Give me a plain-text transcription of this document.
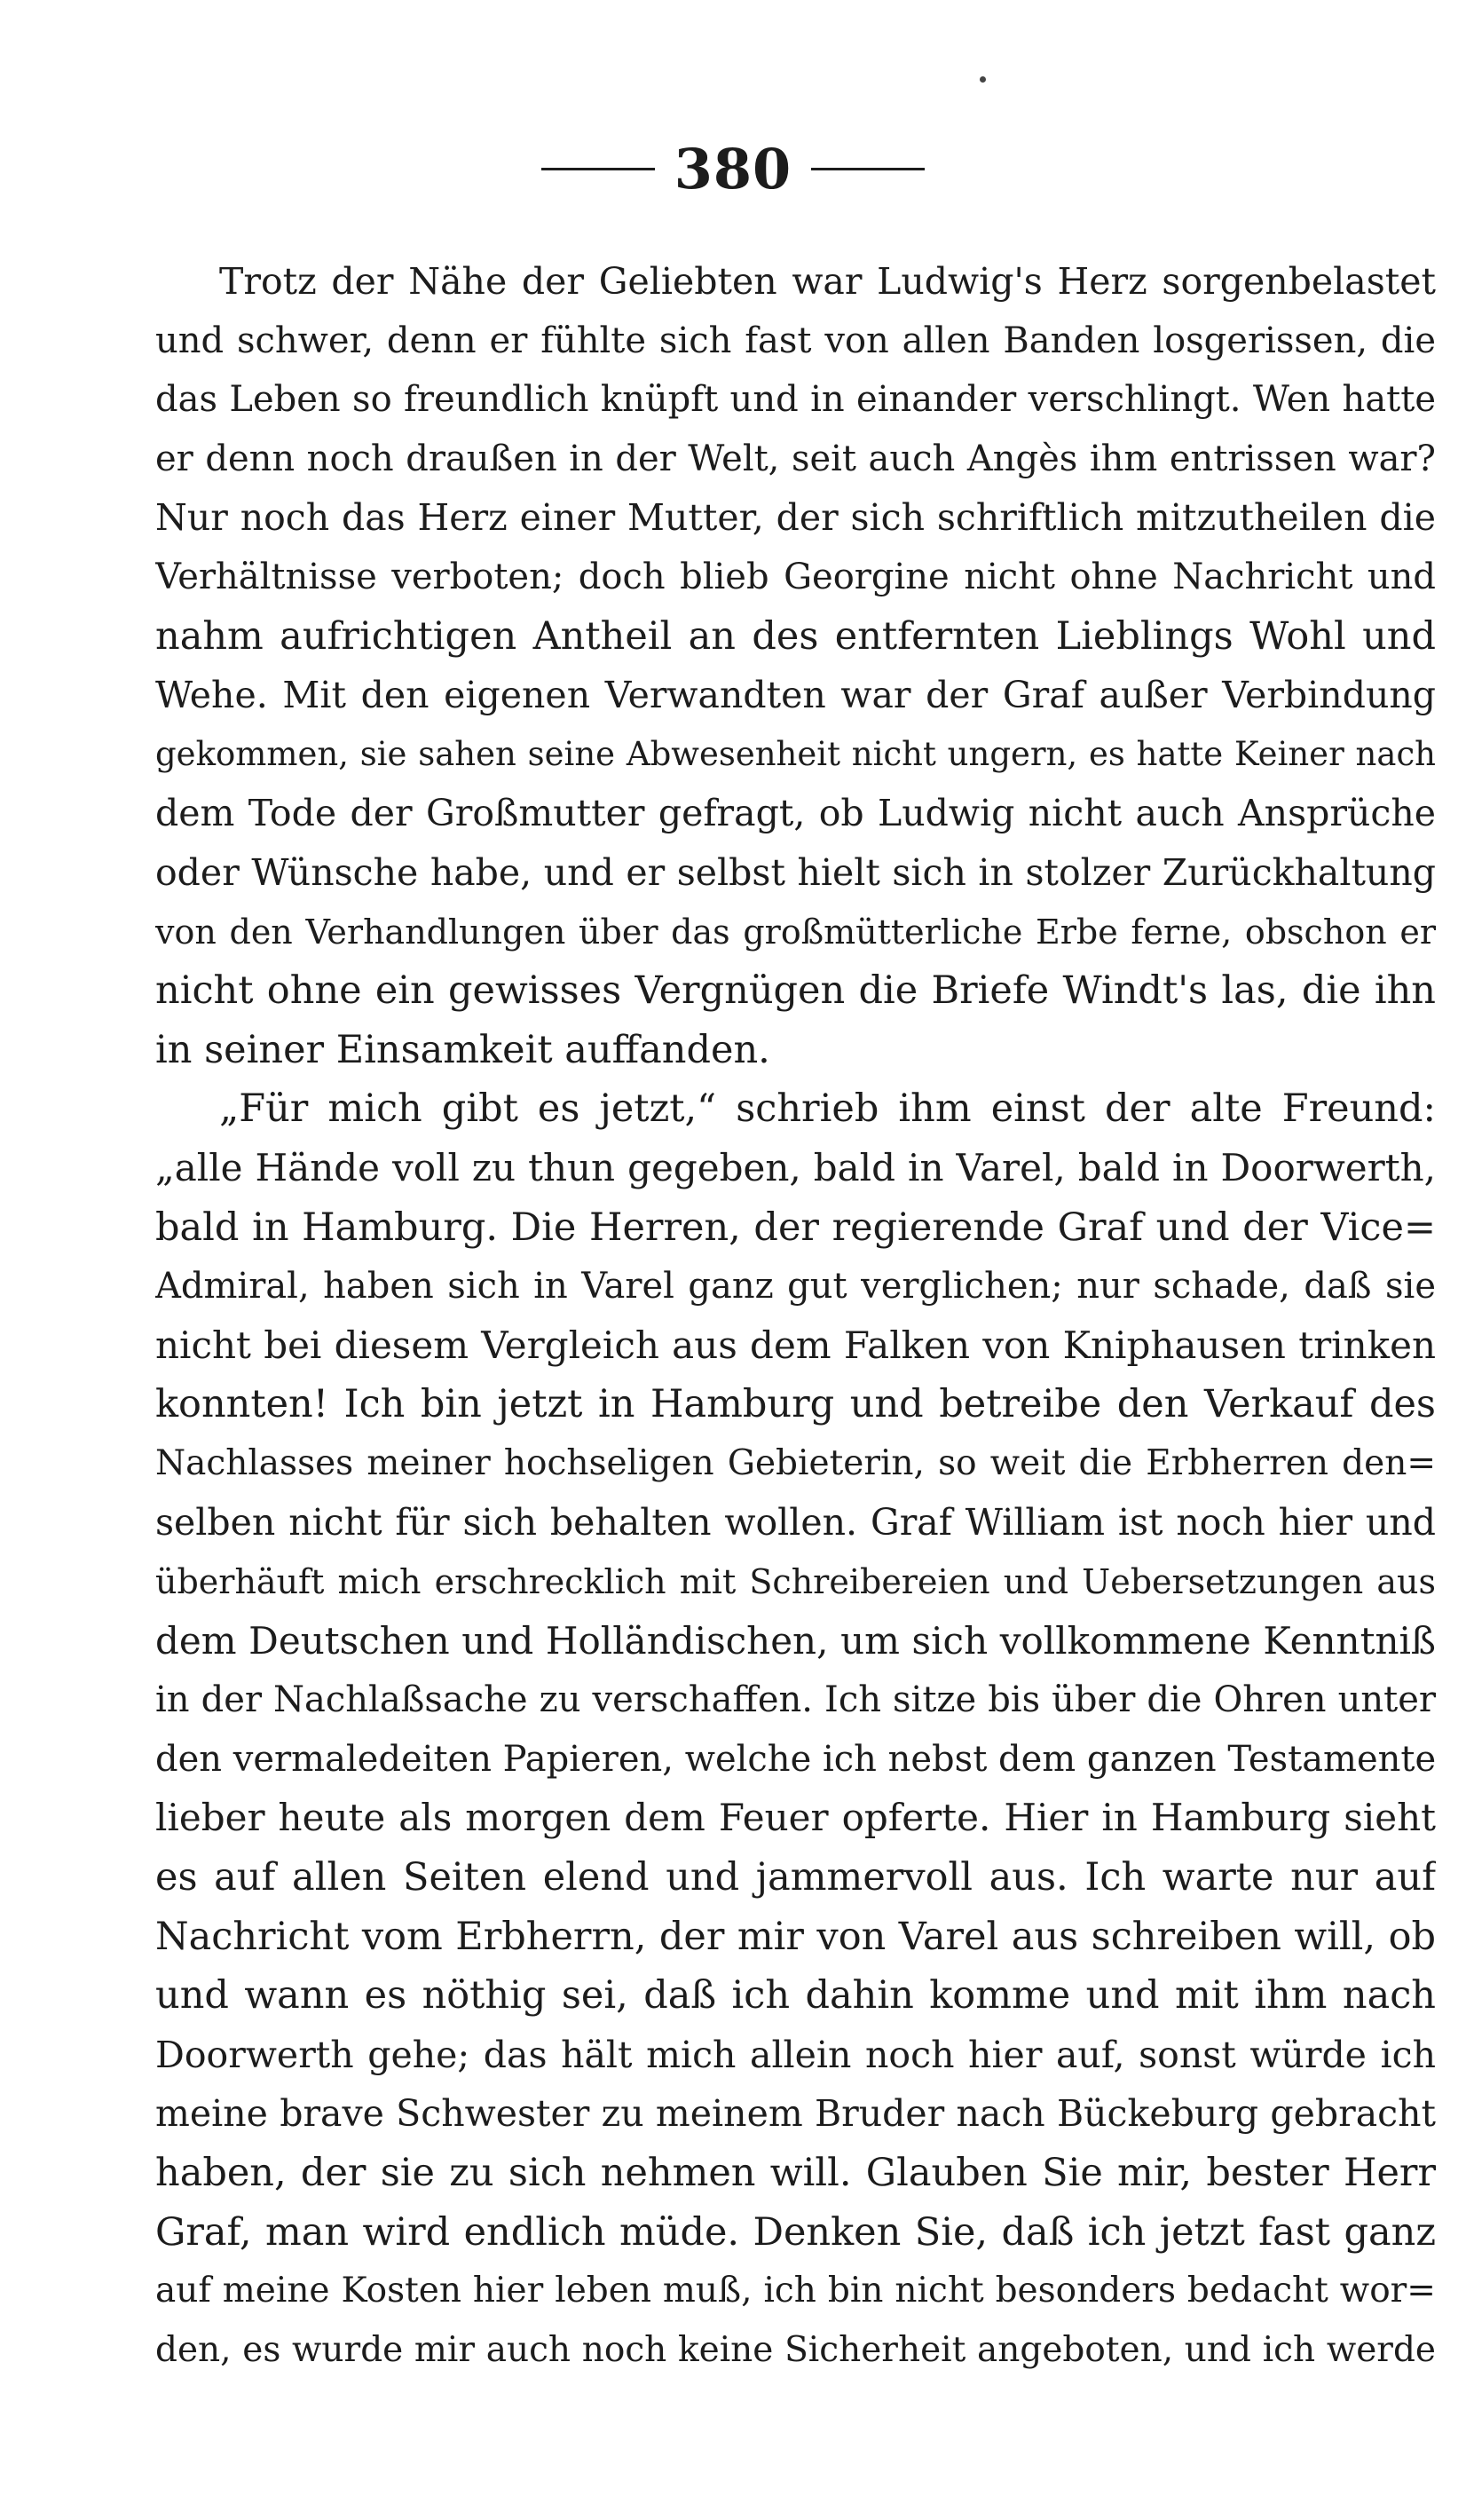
380
Trotz der Nähe der Geliebten war Ludwig's Herz sorgenbelastet
und schwer, denn er fühlte sich fast von allen Banden losgerissen, die
das Leben so freundlich knüpft und in einander verschlingt. Wen hatte
er denn noch draußen in der Welt, seit auch Angès ihm entrissen war?
Nur noch das Herz einer Mutter, der sich schriftlich mitzutheilen die
Verhältnisse verboten; doch blieb Georgine nicht ohne Nachricht und
nahm aufrichtigen Antheil an des entfernten Lieblings Wohl und
Wehe. Mit den eigenen Verwandten war der Graf außer Verbindung
gekommen, sie sahen seine Abwesenheit nicht ungern, es hatte Keiner nach
dem Tode der Großmutter gefragt, ob Ludwig nicht auch Ansprüche
oder Wünsche habe, und er selbst hielt sich in stolzer Zurückhaltung
von den Verhandlungen über das großmütterliche Erbe ferne, obschon er
nicht ohne ein gewisses Vergnügen die Briefe Windt's las, die ihn
in seiner Einsamkeit auffanden.
„Für mich gibt es jetzt,“ schrieb ihm einst der alte Freund:
„alle Hände voll zu thun gegeben, bald in Varel, bald in Doorwerth,
bald in Hamburg. Die Herren, der regierende Graf und der Vice=
Admiral, haben sich in Varel ganz gut verglichen; nur schade, daß sie
nicht bei diesem Vergleich aus dem Falken von Kniphausen trinken
konnten! Ich bin jetzt in Hamburg und betreibe den Verkauf des
Nachlasses meiner hochseligen Gebieterin, so weit die Erbherren den=
selben nicht für sich behalten wollen. Graf William ist noch hier und
überhäuft mich erschrecklich mit Schreibereien und Uebersetzungen aus
dem Deutschen und Holländischen, um sich vollkommene Kenntniß
in der Nachlaßsache zu verschaffen. Ich sitze bis über die Ohren unter
den vermaledeiten Papieren, welche ich nebst dem ganzen Testamente
lieber heute als morgen dem Feuer opferte. Hier in Hamburg sieht
es auf allen Seiten elend und jammervoll aus. Ich warte nur auf
Nachricht vom Erbherrn, der mir von Varel aus schreiben will, ob
und wann es nöthig sei, daß ich dahin komme und mit ihm nach
Doorwerth gehe; das hält mich allein noch hier auf, sonst würde ich
meine brave Schwester zu meinem Bruder nach Bückeburg gebracht
haben, der sie zu sich nehmen will. Glauben Sie mir, bester Herr
Graf, man wird endlich müde. Denken Sie, daß ich jetzt fast ganz
auf meine Kosten hier leben muß, ich bin nicht besonders bedacht wor=
den, es wurde mir auch noch keine Sicherheit angeboten, und ich werde
